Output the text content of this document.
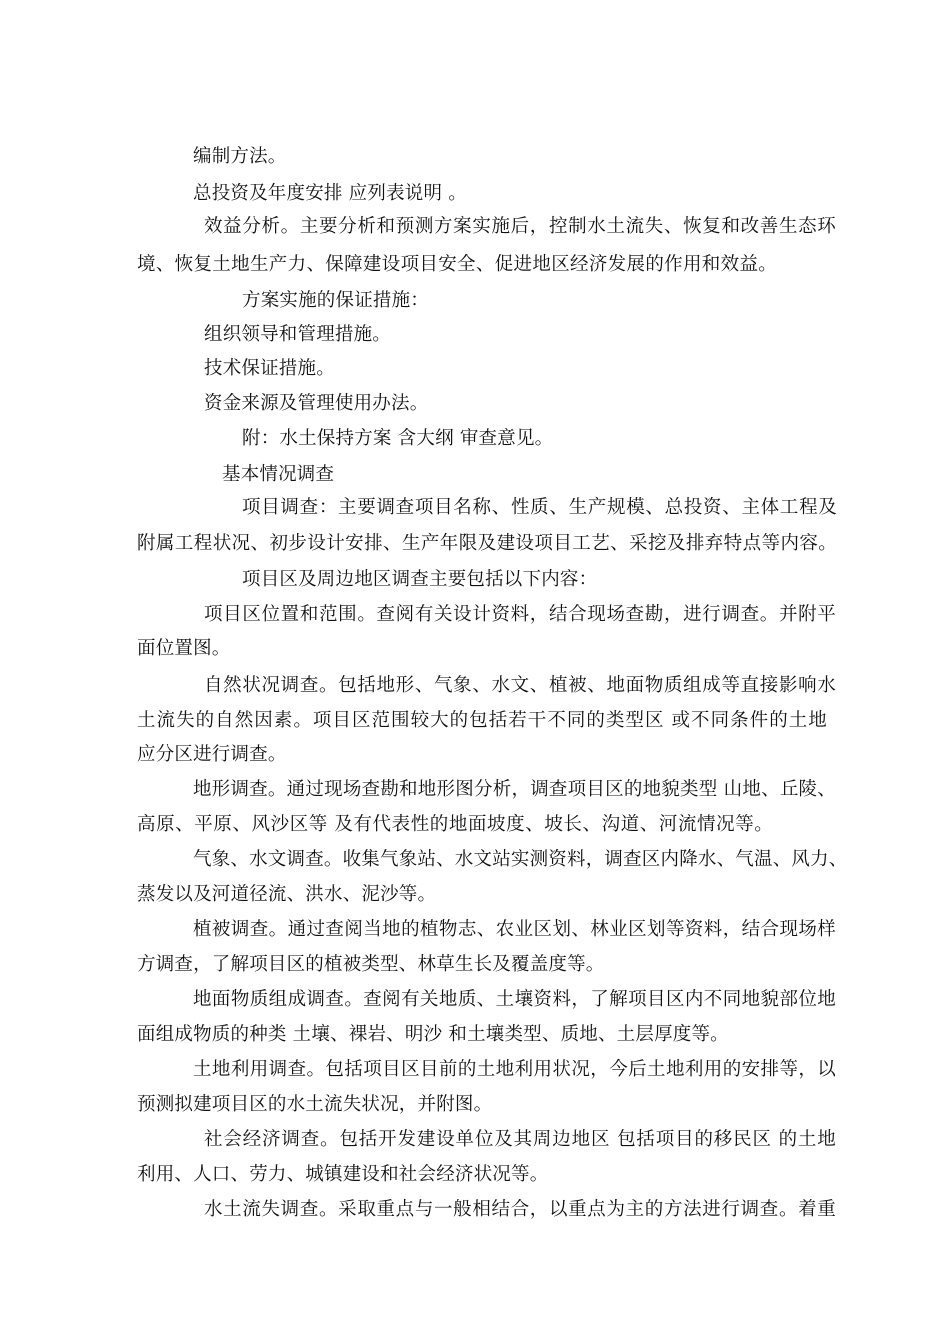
编制方法。
总投资及年度安排 应列表说明 。
效益分析。主要分析和预测方案实施后，控制水土流失、恢复和改善生态环
境、恢复土地生产力、保障建设项目安全、促进地区经济发展的作用和效益。
方案实施的保证措施：
组织领导和管理措施。
技术保证措施。
资金来源及管理使用办法。
附：水土保持方案 含大纲 审查意见。
基本情况调查
项目调查：主要调查项目名称、性质、生产规模、总投资、主体工程及
附属工程状况、初步设计安排、生产年限及建设项目工艺、采挖及排弃特点等内容。
项目区及周边地区调查主要包括以下内容：
项目区位置和范围。查阅有关设计资料，结合现场查勘，进行调查。并附平
面位置图。
自然状况调查。包括地形、气象、水文、植被、地面物质组成等直接影响水
土流失的自然因素。项目区范围较大的包括若干不同的类型区 或不同条件的土地
应分区进行调查。
地形调查。通过现场查勘和地形图分析，调查项目区的地貌类型 山地、丘陵、
高原、平原、风沙区等 及有代表性的地面坡度、坡长、沟道、河流情况等。
气象、水文调查。收集气象站、水文站实测资料，调查区内降水、气温、风力、
蒸发以及河道径流、洪水、泥沙等。
植被调查。通过查阅当地的植物志、农业区划、林业区划等资料，结合现场样
方调查，了解项目区的植被类型、林草生长及覆盖度等。
地面物质组成调查。查阅有关地质、土壤资料，了解项目区内不同地貌部位地
面组成物质的种类 土壤、裸岩、明沙 和土壤类型、质地、土层厚度等。
土地利用调查。包括项目区目前的土地利用状况，今后土地利用的安排等，以
预测拟建项目区的水土流失状况，并附图。
社会经济调查。包括开发建设单位及其周边地区 包括项目的移民区 的土地
利用、人口、劳力、城镇建设和社会经济状况等。
水土流失调查。采取重点与一般相结合，以重点为主的方法进行调查。着重
